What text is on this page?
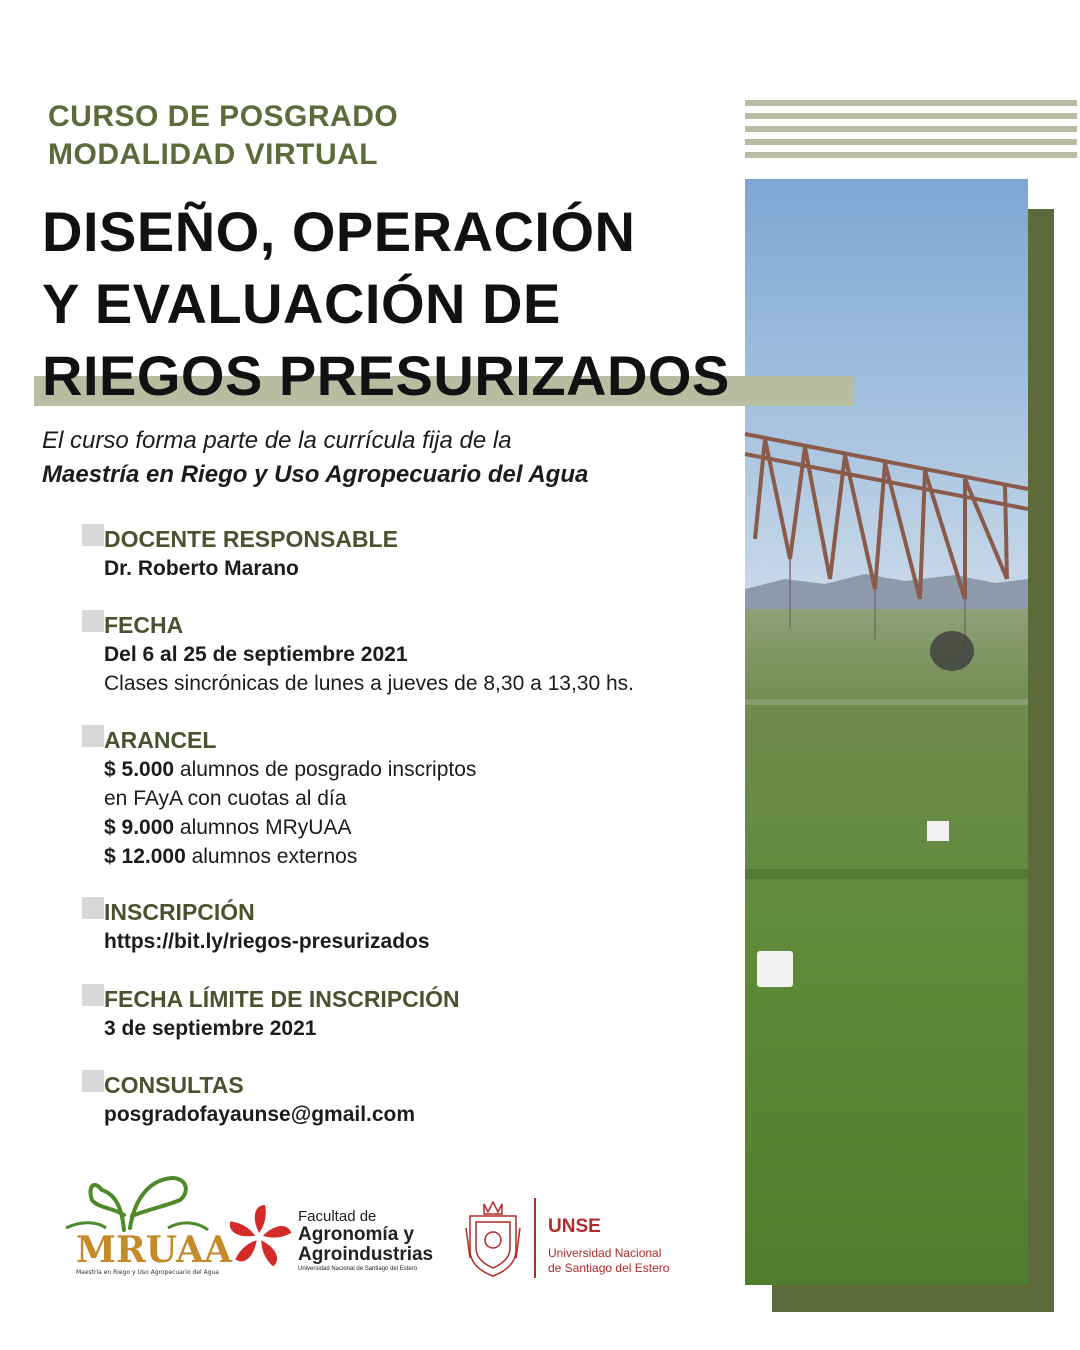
CURSO DE POSGRADO
MODALIDAD VIRTUAL
DISEÑO, OPERACIÓN
Y EVALUACIÓN DE
RIEGOS PRESURIZADOS
El curso forma parte de la currícula fija de la
Maestría en Riego y Uso Agropecuario del Agua
DOCENTE RESPONSABLE
Dr. Roberto Marano
FECHA
Del 6 al 25 de septiembre 2021
Clases sincrónicas de lunes a jueves de 8,30 a 13,30 hs.
ARANCEL
$ 5.000 alumnos de posgrado inscriptos
en FAyA con cuotas al día
$ 9.000 alumnos MRyUAA
$ 12.000 alumnos externos
INSCRIPCIÓN
https://bit.ly/riegos-presurizados
FECHA LÍMITE DE INSCRIPCIÓN
3 de septiembre 2021
CONSULTAS
posgradofayaunse@gmail.com
MRUAA
Maestría en Riego y Uso Agropecuario del Agua
Facultad de
Agronomía y
Agroindustrias
Universidad Nacional de Santiago del Estero
UNSE
Universidad Nacional
de Santiago del Estero
